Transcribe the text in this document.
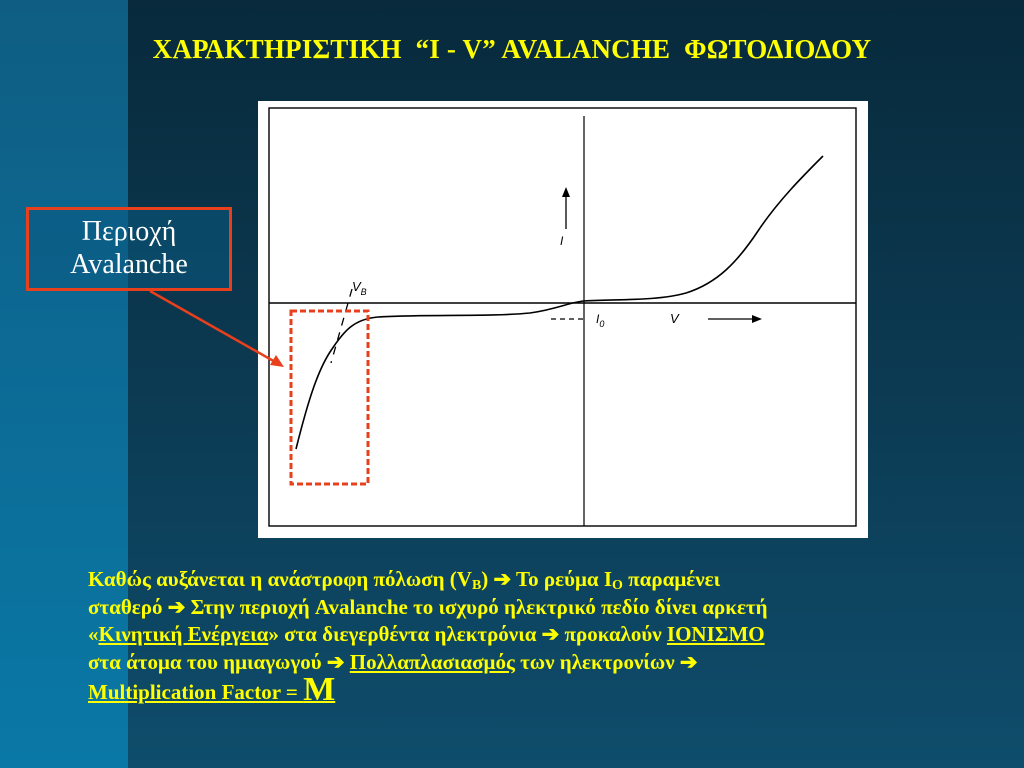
ΧΑΡΑΚΤΗΡΙΣΤΙΚΗ  “I - V” AVALANCHE  ΦΩΤΟΔΙΟΔΟΥ
Περιοχή
Avalanche
$V_B$
I
$I_0$	V
Καθώς αυξάνεται η ανάστροφη πόλωση $(V_B)$ ➔ Το ρεύμα $I_O$ παραμένει
σταθερό ➔ Στην περιοχή Avalanche το ισχυρό ηλεκτρικό πεδίο δίνει αρκετή
«Κινητική Ενέργεια» στα διεγερθέντα ηλεκτρόνια ➔ προκαλούν ΙΟΝΙΣΜΟ
στα άτομα του ημιαγωγού ➔ Πολλαπλασιασμός των ηλεκτρονίων ➔
Multiplication Factor = M
